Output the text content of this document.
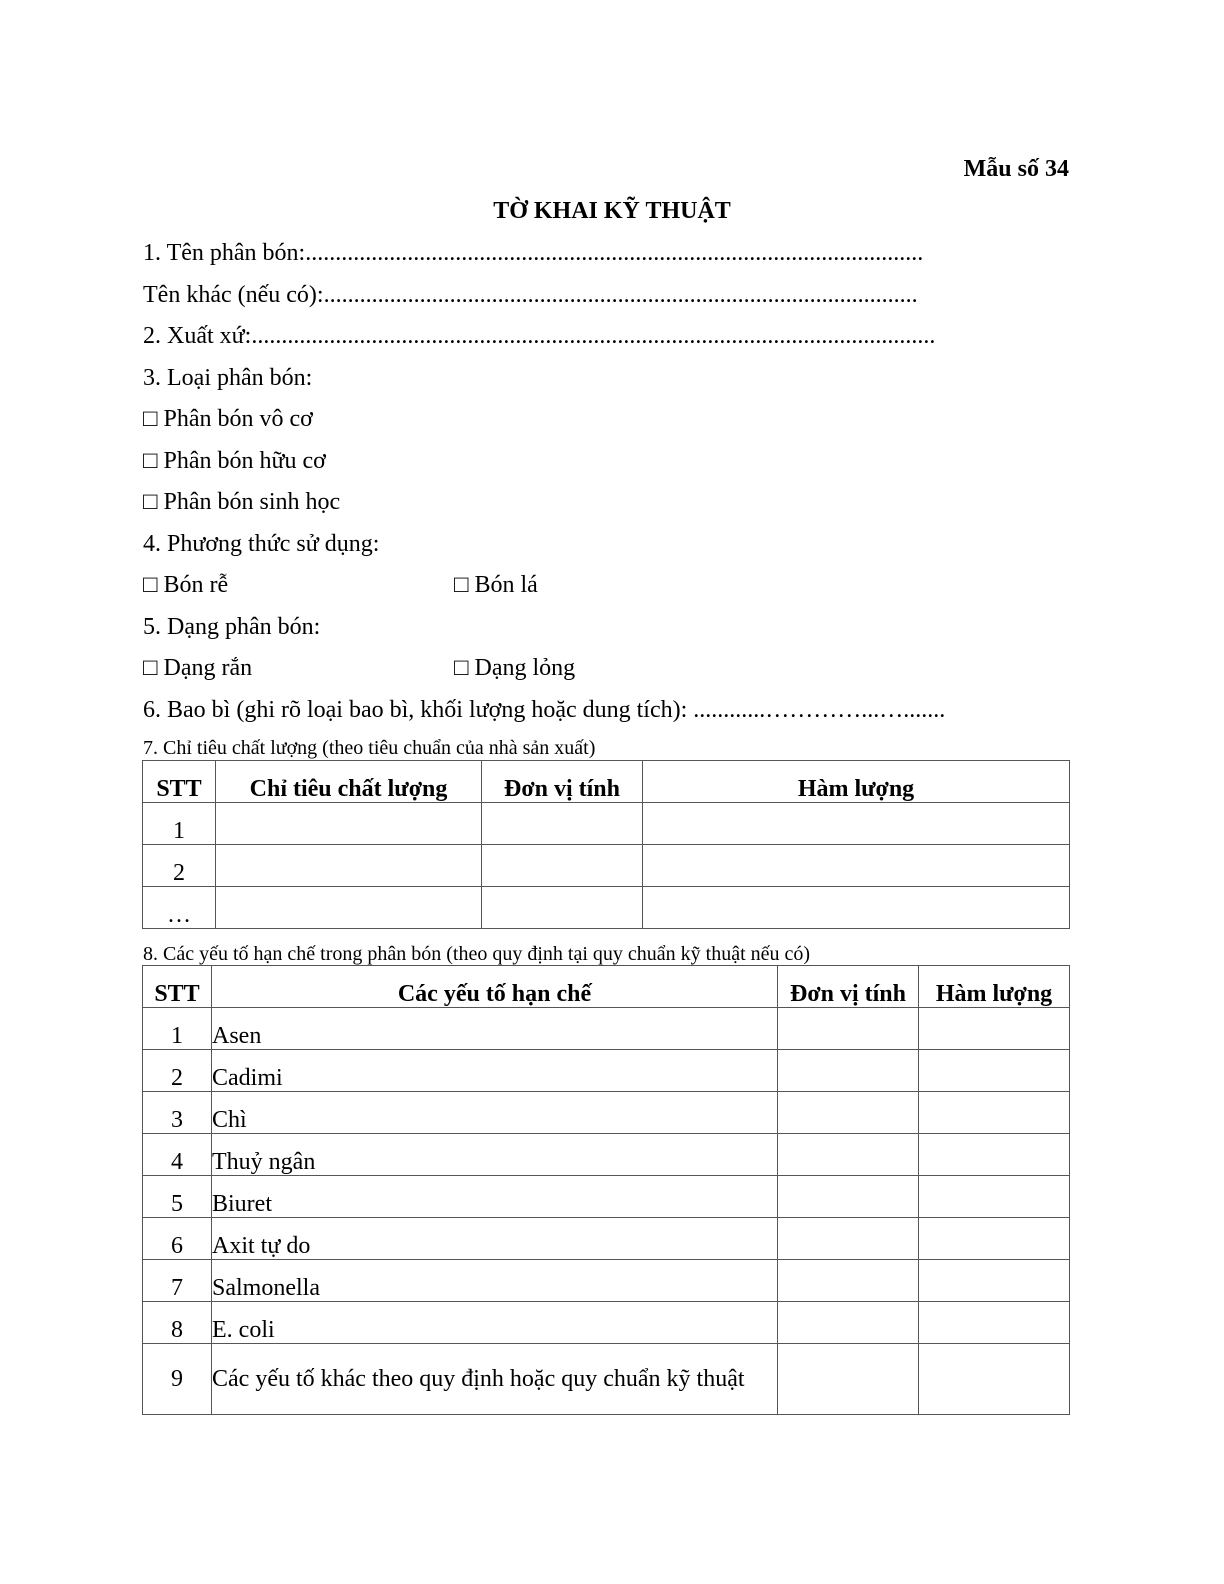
Mẫu số 34
TỜ KHAI KỸ THUẬT
1. Tên phân bón:.......................................................................................................
Tên khác (nếu có):...................................................................................................
2. Xuất xứ:..................................................................................................................
3. Loại phân bón:
□ Phân bón vô cơ
□ Phân bón hữu cơ
□ Phân bón sinh học
4. Phương thức sử dụng:
□ Bón rễ	□ Bón lá
5. Dạng phân bón:
□ Dạng rắn	□ Dạng lỏng
6. Bao bì (ghi rõ loại bao bì, khối lượng hoặc dung tích): ............…………...….......
7. Chỉ tiêu chất lượng (theo tiêu chuẩn của nhà sản xuất)
STT	Chỉ tiêu chất lượng	Đơn vị tính	Hàm lượng
1			
2			
…			
8. Các yếu tố hạn chế trong phân bón (theo quy định tại quy chuẩn kỹ thuật nếu có)
STT	Các yếu tố hạn chế	Đơn vị tính	Hàm lượng
1	Asen		
2	Cadimi		
3	Chì		
4	Thuỷ ngân		
5	Biuret		
6	Axit tự do		
7	Salmonella		
8	E. coli		
9	Các yếu tố khác theo quy định hoặc quy chuẩn kỹ thuật		
